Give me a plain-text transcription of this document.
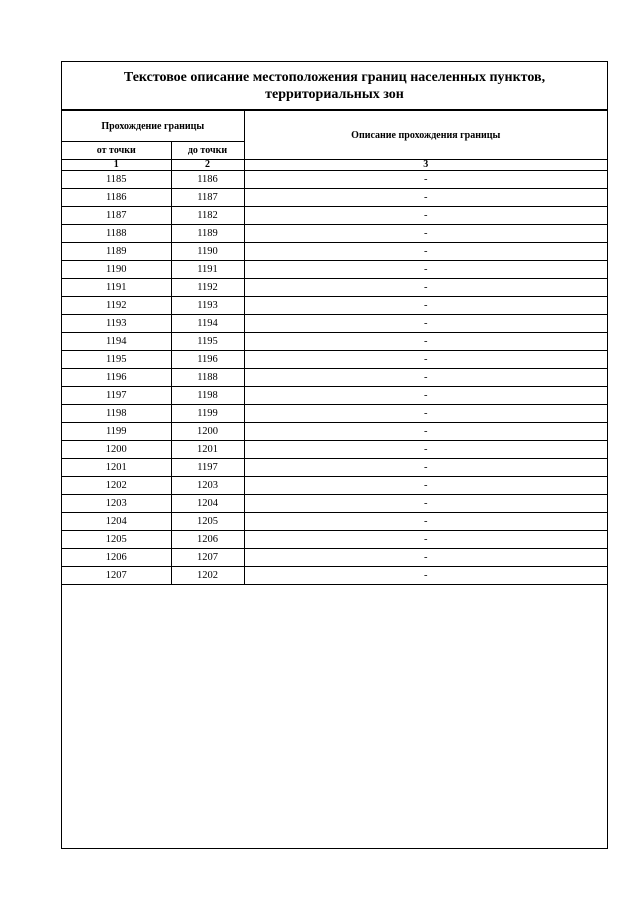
Текстовое описание местоположения границ населенных пунктов,
территориальных зон
Прохождение границы		Описание прохождения границы
от точки	до точки	
1	2	3
1185	1186	-
1186	1187	-
1187	1182	-
1188	1189	-
1189	1190	-
1190	1191	-
1191	1192	-
1192	1193	-
1193	1194	-
1194	1195	-
1195	1196	-
1196	1188	-
1197	1198	-
1198	1199	-
1199	1200	-
1200	1201	-
1201	1197	-
1202	1203	-
1203	1204	-
1204	1205	-
1205	1206	-
1206	1207	-
1207	1202	-
